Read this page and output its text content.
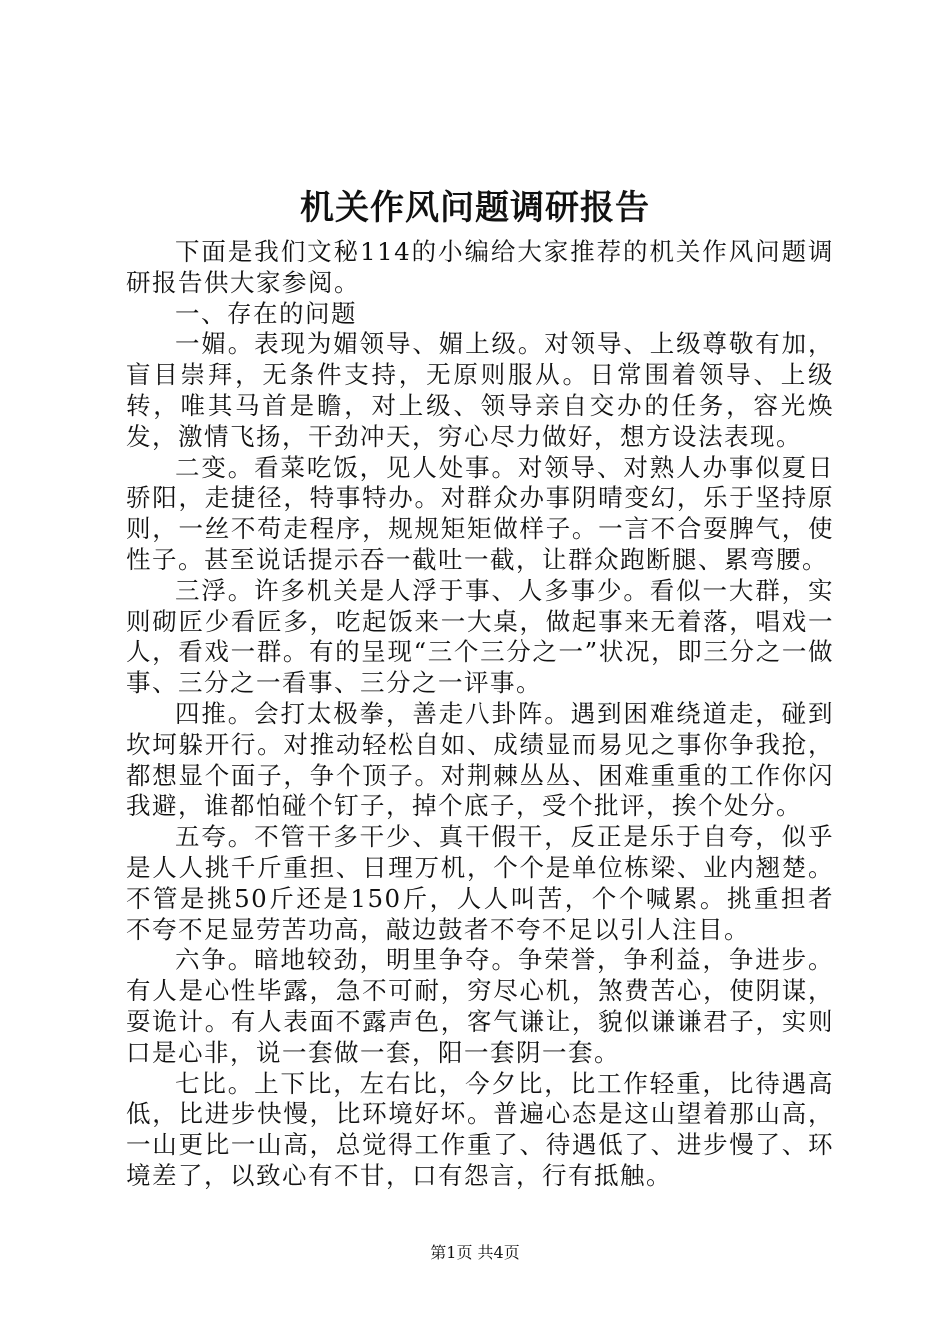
机关作风问题调研报告

下面是我们文秘114的小编给大家推荐的机关作风问题调研报告供大家参阅。

一、存在的问题

一媚。表现为媚领导、媚上级。对领导、上级尊敬有加，盲目崇拜，无条件支持，无原则服从。日常围着领导、上级转，唯其马首是瞻，对上级、领导亲自交办的任务，容光焕发，激情飞扬，干劲冲天，穷心尽力做好，想方设法表现。

二变。看菜吃饭，见人处事。对领导、对熟人办事似夏日骄阳，走捷径，特事特办。对群众办事阴晴变幻，乐于坚持原则，一丝不苟走程序，规规矩矩做样子。一言不合耍脾气，使性子。甚至说话提示吞一截吐一截，让群众跑断腿、累弯腰。

三浮。许多机关是人浮于事、人多事少。看似一大群，实则砌匠少看匠多，吃起饭来一大桌，做起事来无着落，唱戏一人，看戏一群。有的呈现“三个三分之一”状况，即三分之一做事、三分之一看事、三分之一评事。

四推。会打太极拳，善走八卦阵。遇到困难绕道走，碰到坎坷躲开行。对推动轻松自如、成绩显而易见之事你争我抢，都想显个面子，争个顶子。对荆棘丛丛、困难重重的工作你闪我避，谁都怕碰个钉子，掉个底子，受个批评，挨个处分。

五夸。不管干多干少、真干假干，反正是乐于自夸，似乎是人人挑千斤重担、日理万机，个个是单位栋梁、业内翘楚。不管是挑50斤还是150斤，人人叫苦，个个喊累。挑重担者不夸不足显劳苦功高，敲边鼓者不夸不足以引人注目。

六争。暗地较劲，明里争夺。争荣誉，争利益，争进步。有人是心性毕露，急不可耐，穷尽心机，煞费苦心，使阴谋，耍诡计。有人表面不露声色，客气谦让，貌似谦谦君子，实则口是心非，说一套做一套，阳一套阴一套。

七比。上下比，左右比，今夕比，比工作轻重，比待遇高低，比进步快慢，比环境好坏。普遍心态是这山望着那山高，一山更比一山高，总觉得工作重了、待遇低了、进步慢了、环境差了，以致心有不甘，口有怨言，行有抵触。

第1页 共4页
